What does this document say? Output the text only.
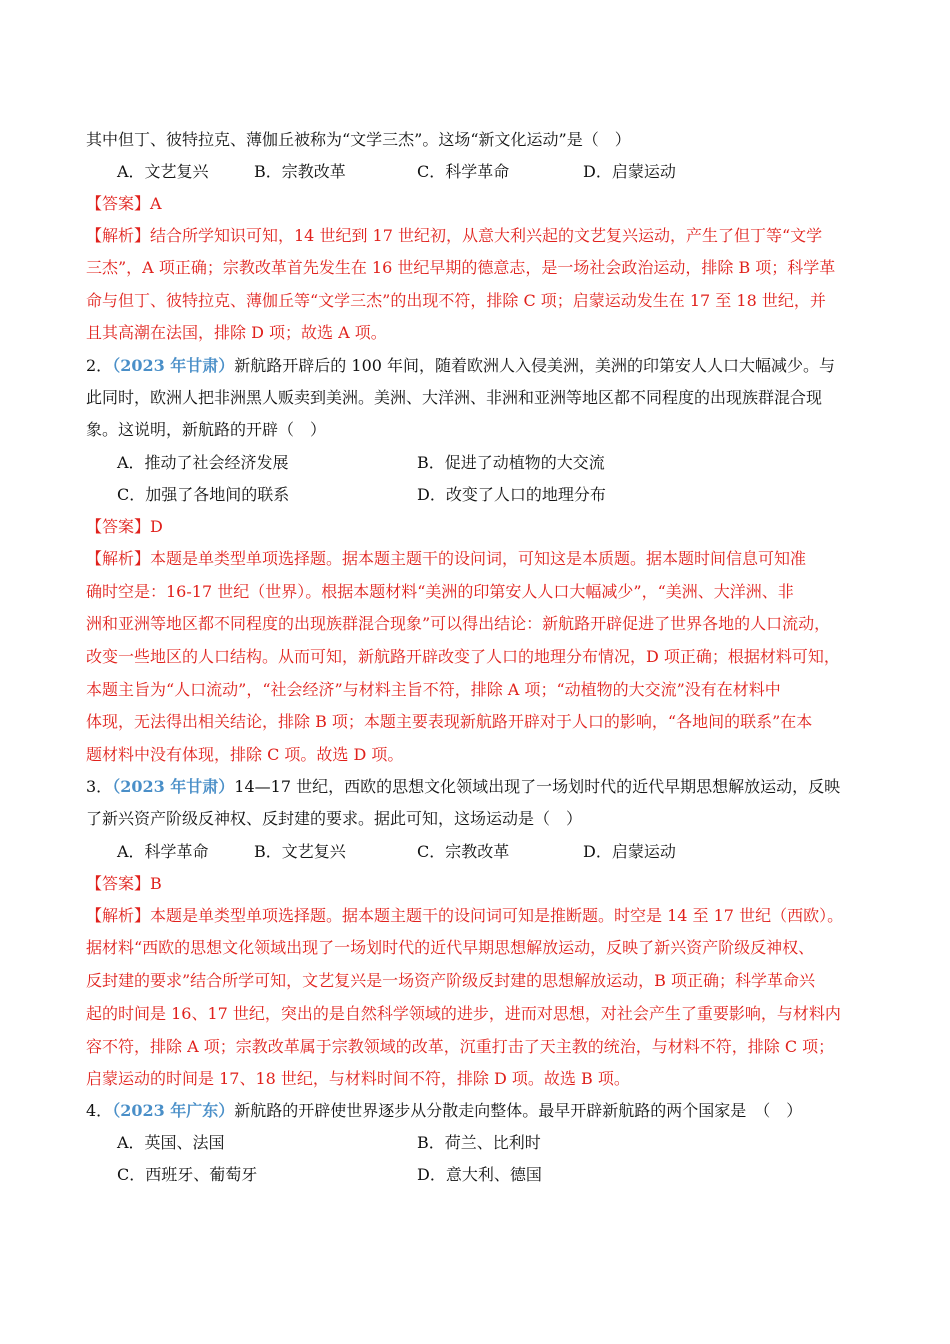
其中但丁、彼特拉克、薄伽丘被称为“文学三杰”。这场“新文化运动”是（　）
A．文艺复兴	B．宗教改革	C．科学革命	D．启蒙运动
【答案】A
【解析】结合所学知识可知，14 世纪到 17 世纪初，从意大利兴起的文艺复兴运动，产生了但丁等“文学
三杰”，A 项正确；宗教改革首先发生在 16 世纪早期的德意志，是一场社会政治运动，排除 B 项；科学革
命与但丁、彼特拉克、薄伽丘等“文学三杰”的出现不符，排除 C 项；启蒙运动发生在 17 至 18 世纪，并
且其高潮在法国，排除 D 项；故选 A 项。
2．（2023 年甘肃）新航路开辟后的 100 年间，随着欧洲人入侵美洲，美洲的印第安人人口大幅减少。与
此同时，欧洲人把非洲黑人贩卖到美洲。美洲、大洋洲、非洲和亚洲等地区都不同程度的出现族群混合现
象。这说明，新航路的开辟（　）
A．推动了社会经济发展	B．促进了动植物的大交流
C．加强了各地间的联系	D．改变了人口的地理分布
【答案】D
【解析】本题是单类型单项选择题。据本题主题干的设问词，可知这是本质题。据本题时间信息可知准
确时空是：16-17 世纪（世界）。根据本题材料“美洲的印第安人人口大幅减少”，“美洲、大洋洲、非
洲和亚洲等地区都不同程度的出现族群混合现象”可以得出结论：新航路开辟促进了世界各地的人口流动，
改变一些地区的人口结构。从而可知，新航路开辟改变了人口的地理分布情况，D 项正确；根据材料可知，
本题主旨为“人口流动”，“社会经济”与材料主旨不符，排除 A 项；“动植物的大交流”没有在材料中
体现，无法得出相关结论，排除 B 项；本题主要表现新航路开辟对于人口的影响，“各地间的联系”在本
题材料中没有体现，排除 C 项。故选 D 项。
3．（2023 年甘肃）14—17 世纪，西欧的思想文化领域出现了一场划时代的近代早期思想解放运动，反映
了新兴资产阶级反神权、反封建的要求。据此可知，这场运动是（　）
A．科学革命	B．文艺复兴	C．宗教改革	D．启蒙运动
【答案】B
【解析】本题是单类型单项选择题。据本题主题干的设问词可知是推断题。时空是 14 至 17 世纪（西欧）。
据材料“西欧的思想文化领域出现了一场划时代的近代早期思想解放运动，反映了新兴资产阶级反神权、
反封建的要求”结合所学可知，文艺复兴是一场资产阶级反封建的思想解放运动，B 项正确；科学革命兴
起的时间是 16、17 世纪，突出的是自然科学领域的进步，进而对思想，对社会产生了重要影响，与材料内
容不符，排除 A 项；宗教改革属于宗教领域的改革，沉重打击了天主教的统治，与材料不符，排除 C 项；
启蒙运动的时间是 17、18 世纪，与材料时间不符，排除 D 项。故选 B 项。
4．（2023 年广东）新航路的开辟使世界逐步从分散走向整体。最早开辟新航路的两个国家是　（　）
A．英国、法国	B．荷兰、比利时
C．西班牙、葡萄牙	D．意大利、德国
